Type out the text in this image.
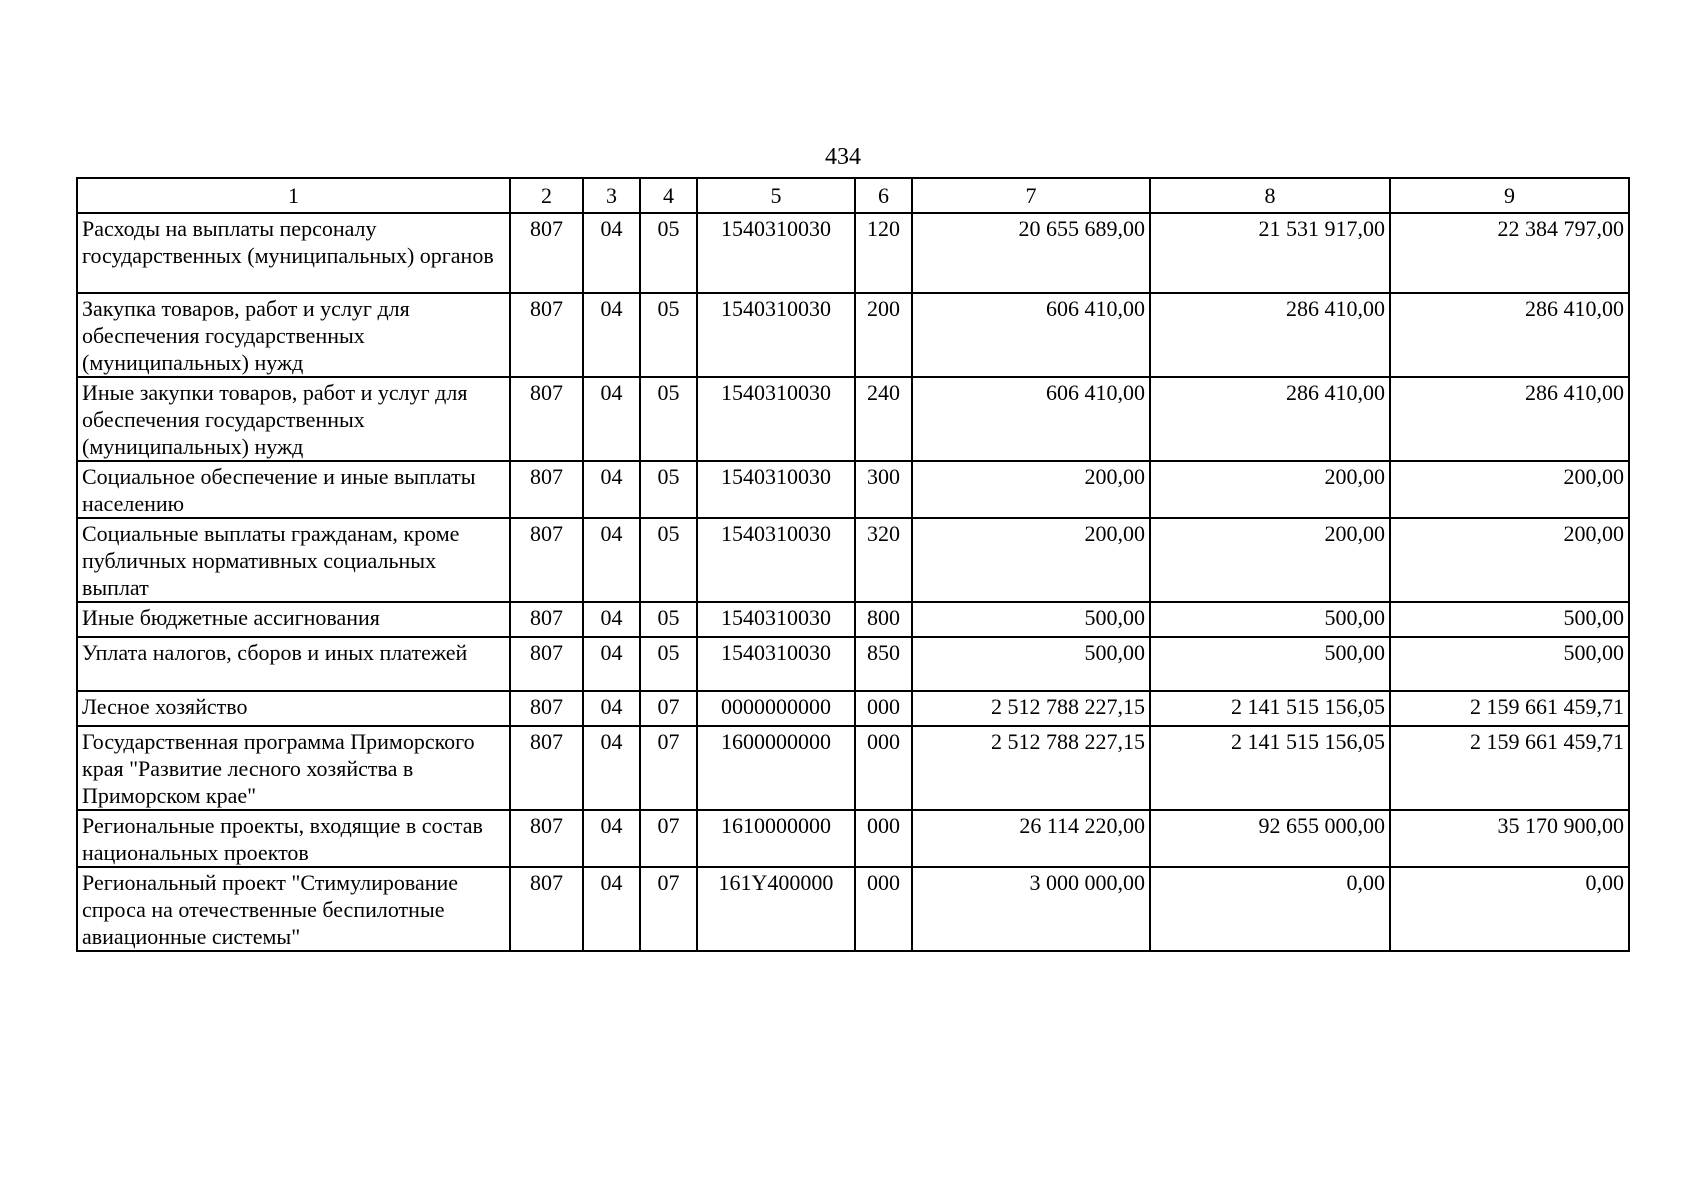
434
1	2	3	4	5	6	7	8	9
Расходы на выплаты персоналу государственных (муниципальных) органов	807	04	05	1540310030	120	20 655 689,00	21 531 917,00	22 384 797,00
Закупка товаров, работ и услуг для обеспечения государственных (муниципальных) нужд	807	04	05	1540310030	200	606 410,00	286 410,00	286 410,00
Иные закупки товаров, работ и услуг для обеспечения государственных (муниципальных) нужд	807	04	05	1540310030	240	606 410,00	286 410,00	286 410,00
Социальное обеспечение и иные выплаты населению	807	04	05	1540310030	300	200,00	200,00	200,00
Социальные выплаты гражданам, кроме публичных нормативных социальных выплат	807	04	05	1540310030	320	200,00	200,00	200,00
Иные бюджетные ассигнования	807	04	05	1540310030	800	500,00	500,00	500,00
Уплата налогов, сборов и иных платежей	807	04	05	1540310030	850	500,00	500,00	500,00
Лесное хозяйство	807	04	07	0000000000	000	2 512 788 227,15	2 141 515 156,05	2 159 661 459,71
Государственная программа Приморского края "Развитие лесного хозяйства в Приморском крае"	807	04	07	1600000000	000	2 512 788 227,15	2 141 515 156,05	2 159 661 459,71
Региональные проекты, входящие в состав национальных проектов	807	04	07	1610000000	000	26 114 220,00	92 655 000,00	35 170 900,00
Региональный проект "Стимулирование спроса на отечественные беспилотные авиационные системы"	807	04	07	161Y400000	000	3 000 000,00	0,00	0,00
